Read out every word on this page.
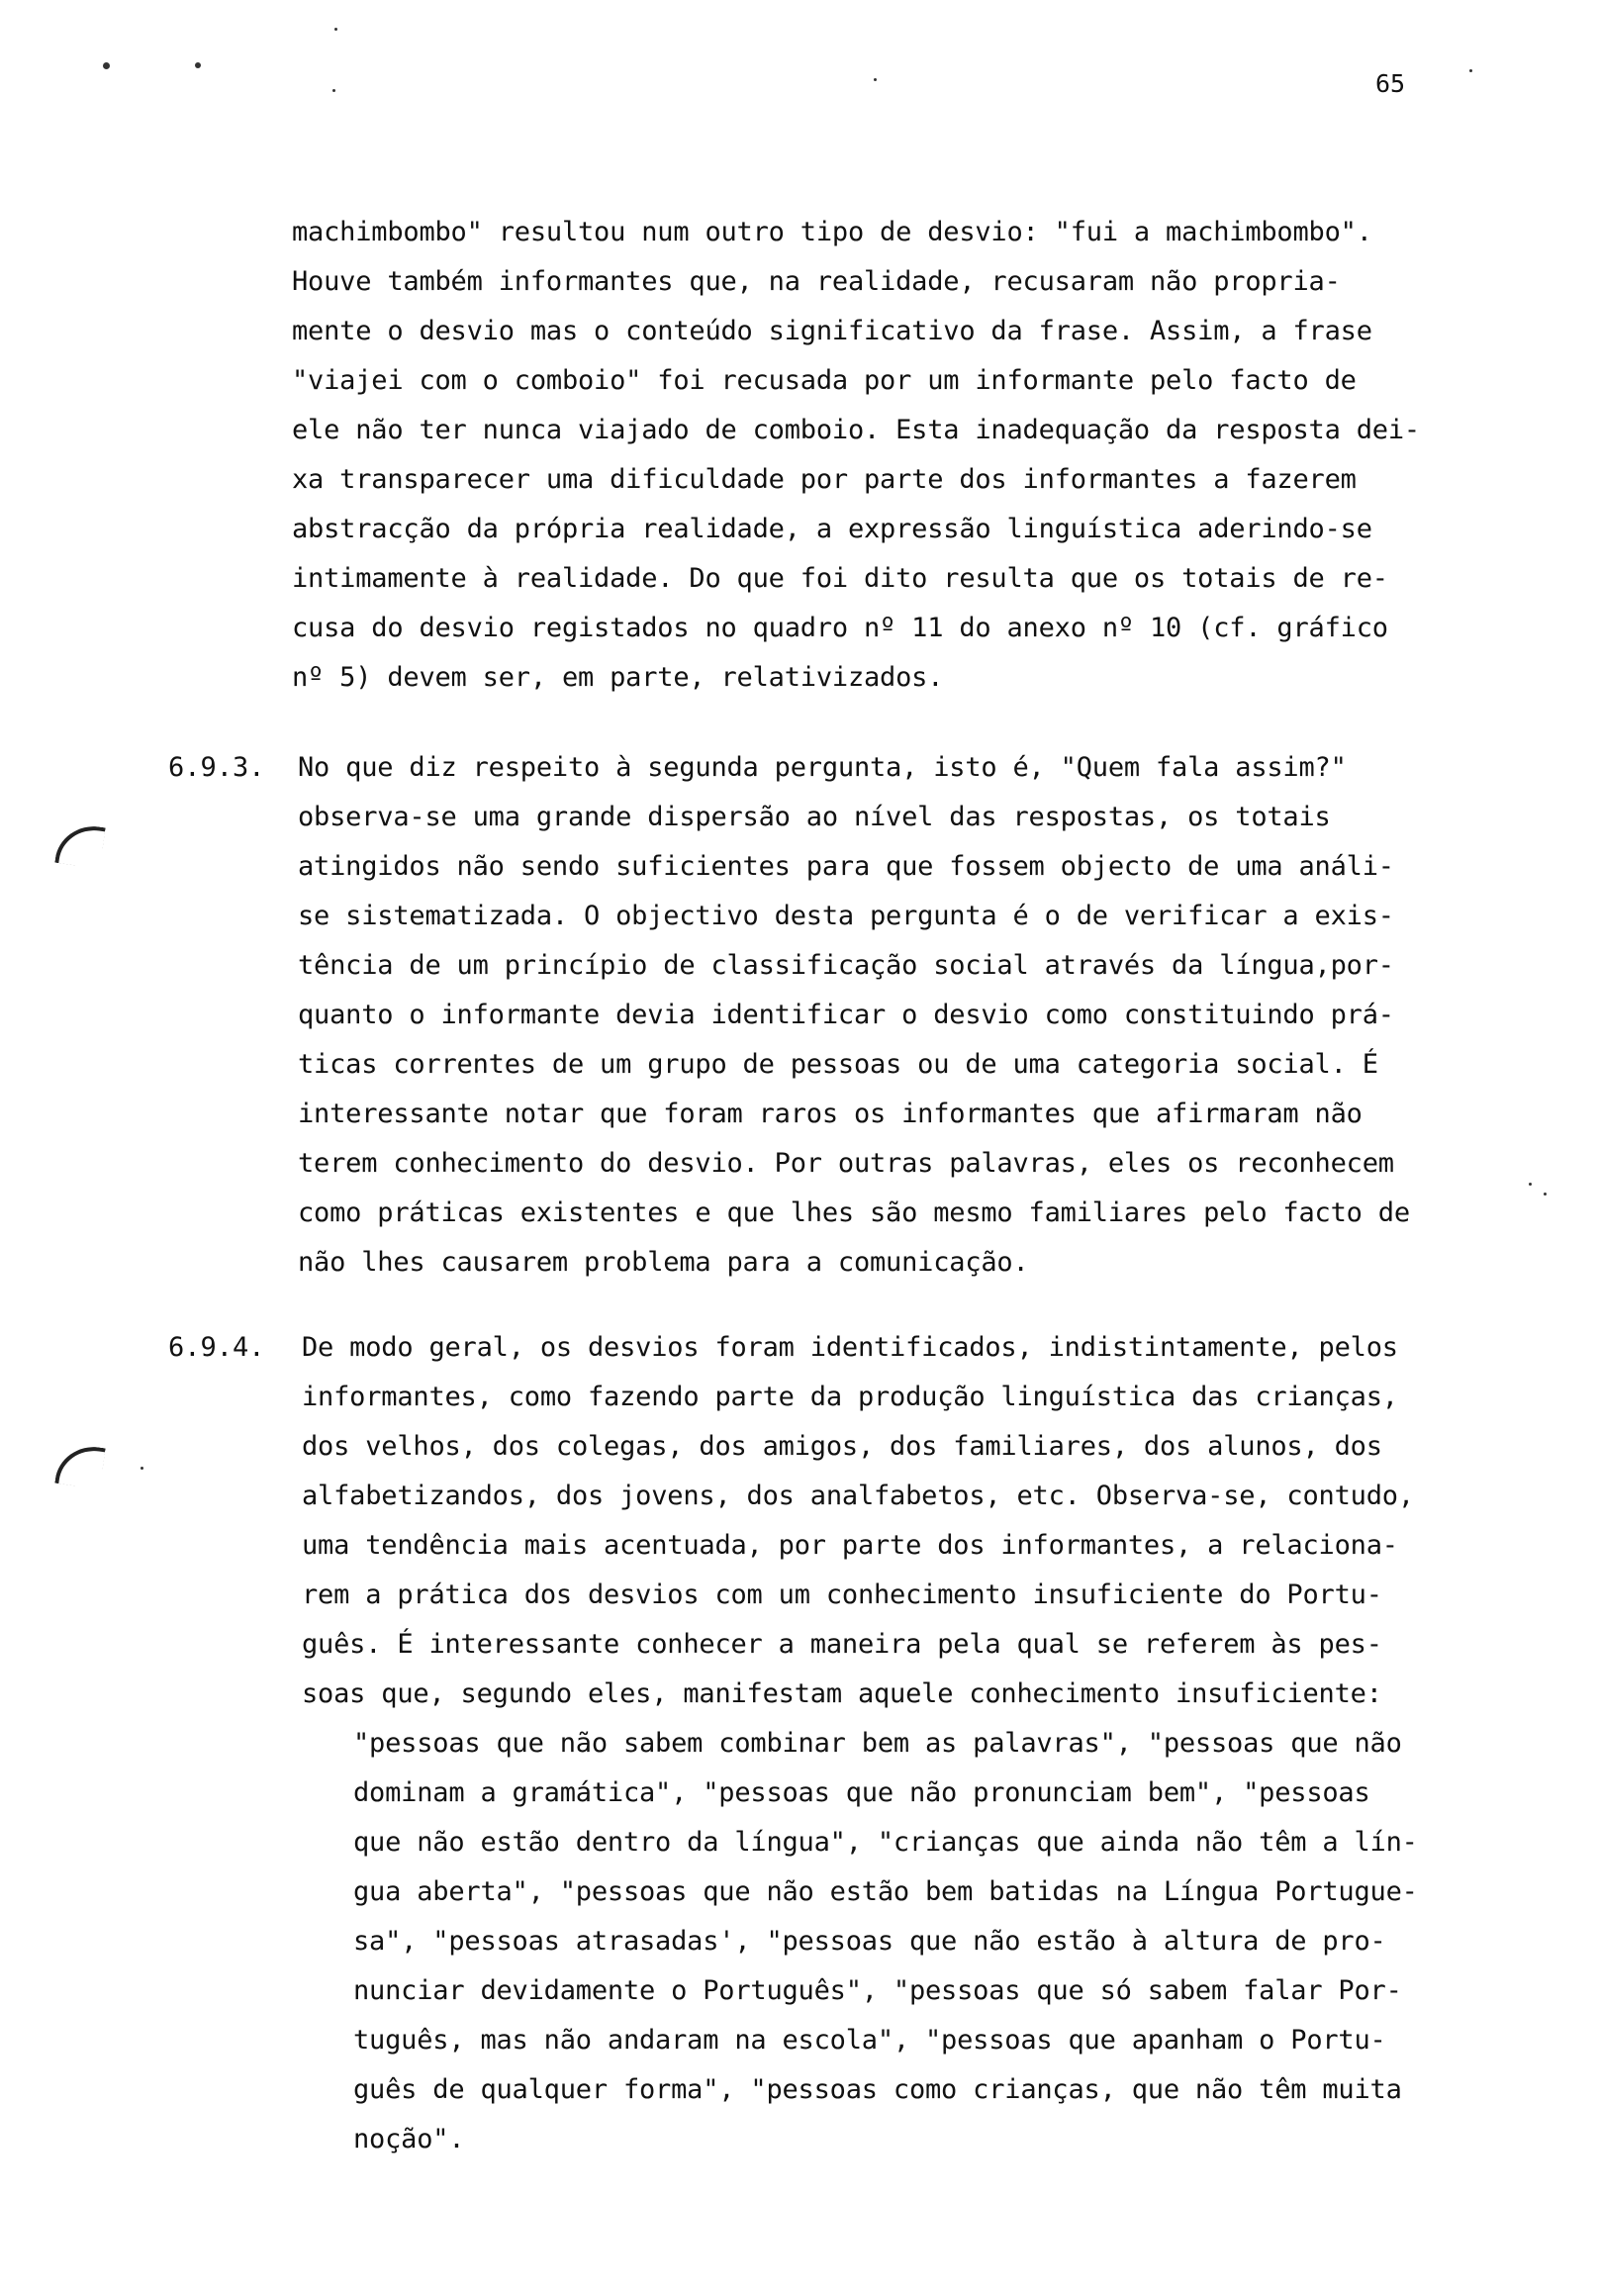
65
machimbombo" resultou num outro tipo de desvio: "fui a machimbombo".
Houve também informantes que, na realidade, recusaram não propria-
mente o desvio mas o conteúdo significativo da frase. Assim, a frase
"viajei com o comboio" foi recusada por um informante pelo facto de
ele não ter nunca viajado de comboio. Esta inadequação da resposta dei-
xa transparecer uma dificuldade por parte dos informantes a fazerem
abstracção da própria realidade, a expressão linguística aderindo-se
intimamente à realidade. Do que foi dito resulta que os totais de re-
cusa do desvio registados no quadro nº 11 do anexo nº 10 (cf. gráfico
nº 5) devem ser, em parte, relativizados.
6.9.3. No que diz respeito à segunda pergunta, isto é, "Quem fala assim?"
observa-se uma grande dispersão ao nível das respostas, os totais
atingidos não sendo suficientes para que fossem objecto de uma análi-
se sistematizada. O objectivo desta pergunta é o de verificar a exis-
tência de um princípio de classificação social através da língua,por-
quanto o informante devia identificar o desvio como constituindo prá-
ticas correntes de um grupo de pessoas ou de uma categoria social. É
interessante notar que foram raros os informantes que afirmaram não
terem conhecimento do desvio. Por outras palavras, eles os reconhecem
como práticas existentes e que lhes são mesmo familiares pelo facto de
não lhes causarem problema para a comunicação.
6.9.4. De modo geral, os desvios foram identificados, indistintamente, pelos
informantes, como fazendo parte da produção linguística das crianças,
dos velhos, dos colegas, dos amigos, dos familiares, dos alunos, dos
alfabetizandos, dos jovens, dos analfabetos, etc. Observa-se, contudo,
uma tendência mais acentuada, por parte dos informantes, a relaciona-
rem a prática dos desvios com um conhecimento insuficiente do Portu-
guês. É interessante conhecer a maneira pela qual se referem às pes-
soas que, segundo eles, manifestam aquele conhecimento insuficiente:
"pessoas que não sabem combinar bem as palavras", "pessoas que não
dominam a gramática", "pessoas que não pronunciam bem", "pessoas
que não estão dentro da língua", "crianças que ainda não têm a lín-
gua aberta", "pessoas que não estão bem batidas na Língua Portugue-
sa", "pessoas atrasadas', "pessoas que não estão à altura de pro-
nunciar devidamente o Português", "pessoas que só sabem falar Por-
tuguês, mas não andaram na escola", "pessoas que apanham o Portu-
guês de qualquer forma", "pessoas como crianças, que não têm muita
noção".
